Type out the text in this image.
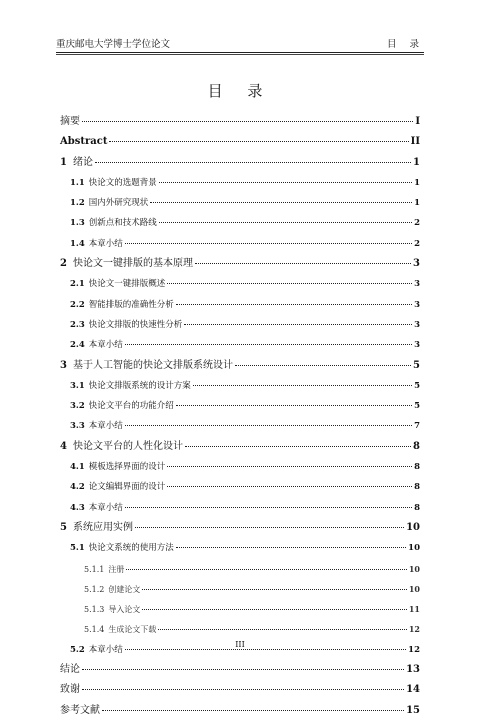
重庆邮电大学博士学位论文	目 录
目 录
摘要	I
Abstract	II
1 绪论	1
1.1 快论文的选题背景	1
1.2 国内外研究现状	1
1.3 创新点和技术路线	2
1.4 本章小结	2
2 快论文一键排版的基本原理	3
2.1 快论文一键排版概述	3
2.2 智能排版的准确性分析	3
2.3 快论文排版的快速性分析	3
2.4 本章小结	3
3 基于人工智能的快论文排版系统设计	5
3.1 快论文排版系统的设计方案	5
3.2 快论文平台的功能介绍	5
3.3 本章小结	7
4 快论文平台的人性化设计	8
4.1 模板选择界面的设计	8
4.2 论文编辑界面的设计	8
4.3 本章小结	8
5 系统应用实例	10
5.1 快论文系统的使用方法	10
5.1.1 注册	10
5.1.2 创建论文	10
5.1.3 导入论文	11
5.1.4 生成论文下载	12
5.2 本章小结	12
结论	13
致谢	14
参考文献	15
III
